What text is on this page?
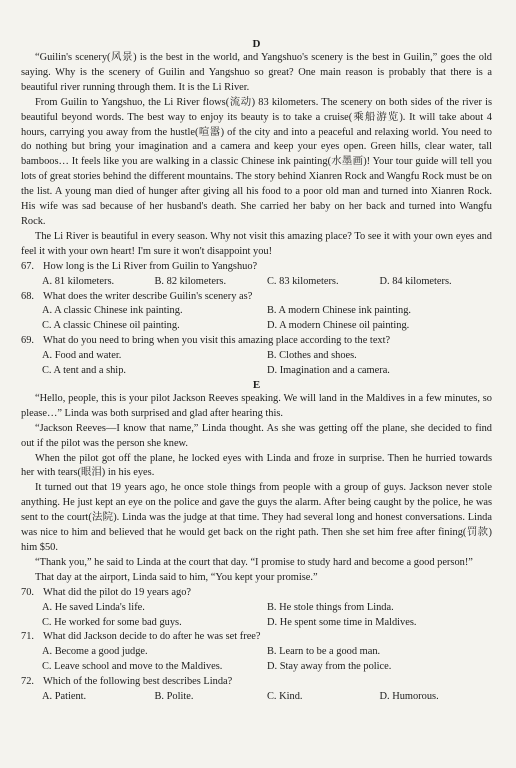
D

“Guilin's scenery(风景) is the best in the world, and Yangshuo's scenery is the best in Guilin,” goes the old saying. Why is the scenery of Guilin and Yangshuo so great? One main reason is probably that there is a beautiful river running through them. It is the Li River.

From Guilin to Yangshuo, the Li River flows(流动) 83 kilometers. The scenery on both sides of the river is beautiful beyond words. The best way to enjoy its beauty is to take a cruise(乘船游览). It will take about 4 hours, carrying you away from the hustle(喧嚣) of the city and into a peaceful and relaxing world. You need to do nothing but bring your imagination and a camera and keep your eyes open. Green hills, clear water, tall bamboos… It feels like you are walking in a classic Chinese ink painting(水墨画)! Your tour guide will tell you lots of great stories behind the different mountains. The story behind Xianren Rock and Wangfu Rock must be on the list. A young man died of hunger after giving all his food to a poor old man and turned into Xianren Rock. His wife was sad because of her husband's death. She carried her baby on her back and turned into Wangfu Rock.

The Li River is beautiful in every season. Why not visit this amazing place? To see it with your own eyes and feel it with your own heart! I'm sure it won't disappoint you!

67. How long is the Li River from Guilin to Yangshuo?
A. 81 kilometers.	B. 82 kilometers.	C. 83 kilometers.	D. 84 kilometers.
68. What does the writer describe Guilin's scenery as?
A. A classic Chinese ink painting.	B. A modern Chinese ink painting.
C. A classic Chinese oil painting.	D. A modern Chinese oil painting.
69. What do you need to bring when you visit this amazing place according to the text?
A. Food and water.	B. Clothes and shoes.
C. A tent and a ship.	D. Imagination and a camera.
E

“Hello, people, this is your pilot Jackson Reeves speaking. We will land in the Maldives in a few minutes, so please…” Linda was both surprised and glad after hearing this.

“Jackson Reeves—I know that name,” Linda thought. As she was getting off the plane, she decided to find out if the pilot was the person she knew.

When the pilot got off the plane, he locked eyes with Linda and froze in surprise. Then he hurried towards her with tears(眼泪) in his eyes.

It turned out that 19 years ago, he once stole things from people with a group of guys. Jackson never stole anything. He just kept an eye on the police and gave the guys the alarm. After being caught by the police, he was sent to the court(法院). Linda was the judge at that time. They had several long and honest conversations. Linda was nice to him and believed that he would get back on the right path. Then she set him free after fining(罚款) him $50.

“Thank you,” he said to Linda at the court that day. “I promise to study hard and become a good person!”

That day at the airport, Linda said to him, “You kept your promise.”

70. What did the pilot do 19 years ago?
A. He saved Linda's life.	B. He stole things from Linda.
C. He worked for some bad guys.	D. He spent some time in Maldives.
71. What did Jackson decide to do after he was set free?
A. Become a good judge.	B. Learn to be a good man.
C. Leave school and move to the Maldives.	D. Stay away from the police.
72. Which of the following best describes Linda?
A. Patient.	B. Polite.	C. Kind.	D. Humorous.
